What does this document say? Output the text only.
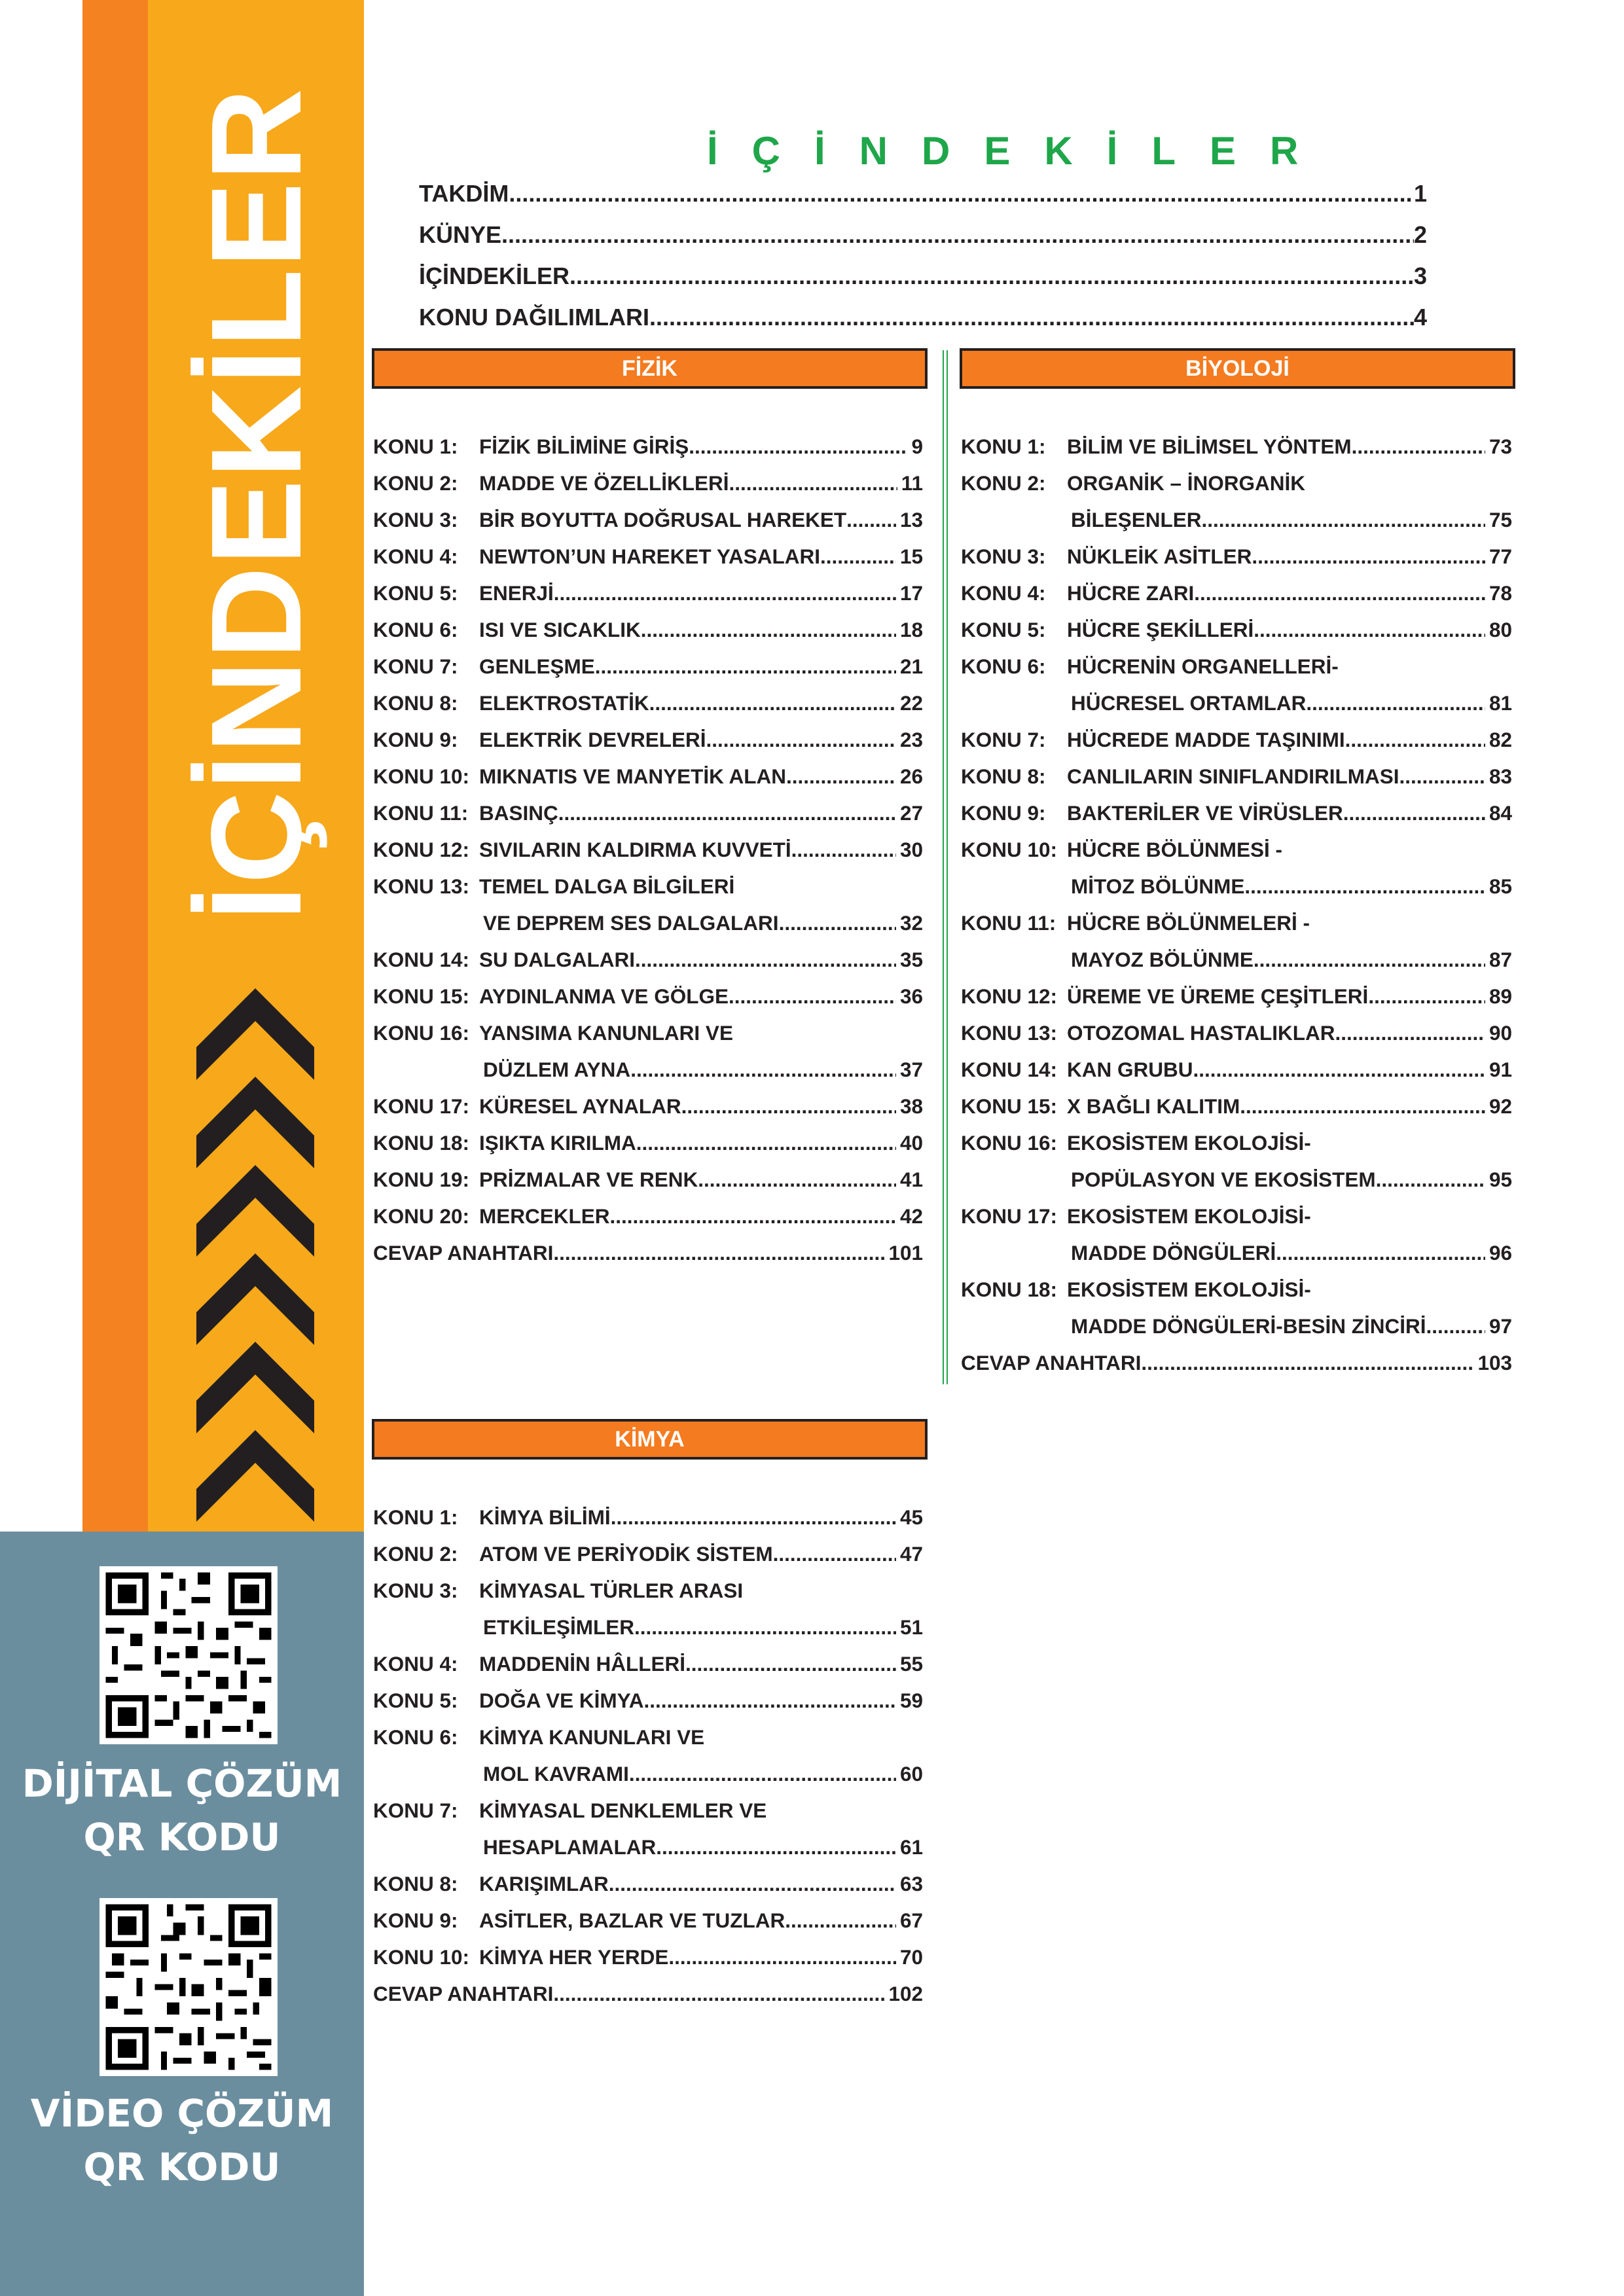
İÇİNDEKİLER
DİJİTAL ÇÖZÜM
QR KODU
VİDEO ÇÖZÜM
QR KODU
İÇİNDEKİLER
TAKDİM .....	1
KÜNYE .....	2
İÇİNDEKİLER .....	3
KONU DAĞILIMLARI .....	4
FİZİK	BİYOLOJİ
KİMYA
KONU 1:	FİZİK BİLİMİNE GİRİŞ .....	9
KONU 2:	MADDE VE ÖZELLİKLERİ .....	11
KONU 3:	BİR BOYUTTA DOĞRUSAL HAREKET .....	13
KONU 4:	NEWTON’UN HAREKET YASALARI .....	15
KONU 5:	ENERJİ .....	17
KONU 6:	ISI VE SICAKLIK .....	18
KONU 7:	GENLEŞME .....	21
KONU 8:	ELEKTROSTATİK .....	22
KONU 9:	ELEKTRİK DEVRELERİ .....	23
KONU 10: MIKNATIS VE MANYETİK ALAN .....	26
KONU 11: BASINÇ .....	27
KONU 12: SIVILARIN KALDIRMA KUVVETİ .....	30
KONU 13: TEMEL DALGA BİLGİLERİ
VE DEPREM SES DALGALARI .....	32
KONU 14: SU DALGALARI .....	35
KONU 15: AYDINLANMA VE GÖLGE .....	36
KONU 16: YANSIMA KANUNLARI VE
DÜZLEM AYNA .....	37
KONU 17: KÜRESEL AYNALAR .....	38
KONU 18: IŞIKTA KIRILMA .....	40
KONU 19: PRİZMALAR VE RENK .....	41
KONU 20: MERCEKLER .....	42
CEVAP ANAHTARI .....	101
KONU 1:	BİLİM VE BİLİMSEL YÖNTEM .....	73
KONU 2:	ORGANİK – İNORGANİK
BİLEŞENLER .....	75
KONU 3:	NÜKLEİK ASİTLER .....	77
KONU 4:	HÜCRE ZARI .....	78
KONU 5:	HÜCRE ŞEKİLLERİ .....	80
KONU 6:	HÜCRENİN ORGANELLERİ-
HÜCRESEL ORTAMLAR .....	81
KONU 7:	HÜCREDE MADDE TAŞINIMI .....	82
KONU 8:	CANLILARIN SINIFLANDIRILMASI .....	83
KONU 9:	BAKTERİLER VE VİRÜSLER .....	84
KONU 10: HÜCRE BÖLÜNMESİ -
MİTOZ BÖLÜNME .....	85
KONU 11: HÜCRE BÖLÜNMELERİ -
MAYOZ BÖLÜNME .....	87
KONU 12: ÜREME VE ÜREME ÇEŞİTLERİ .....	89
KONU 13: OTOZOMAL HASTALIKLAR .....	90
KONU 14: KAN GRUBU .....	91
KONU 15: X BAĞLI KALITIM .....	92
KONU 16: EKOSİSTEM EKOLOJİSİ-
POPÜLASYON VE EKOSİSTEM .....	95
KONU 17: EKOSİSTEM EKOLOJİSİ-
MADDE DÖNGÜLERİ .....	96
KONU 18: EKOSİSTEM EKOLOJİSİ-
MADDE DÖNGÜLERİ-BESİN ZİNCİRİ .....	97
CEVAP ANAHTARI .....	103
KONU 1:	KİMYA BİLİMİ .....	45
KONU 2:	ATOM VE PERİYODİK SİSTEM .....	47
KONU 3:	KİMYASAL TÜRLER ARASI
ETKİLEŞİMLER .....	51
KONU 4:	MADDENİN HÂLLERİ .....	55
KONU 5:	DOĞA VE KİMYA .....	59
KONU 6:	KİMYA KANUNLARI VE
MOL KAVRAMI .....	60
KONU 7:	KİMYASAL DENKLEMLER VE
HESAPLAMALAR .....	61
KONU 8:	KARIŞIMLAR .....	63
KONU 9:	ASİTLER, BAZLAR VE TUZLAR .....	67
KONU 10: KİMYA HER YERDE .....	70
CEVAP ANAHTARI .....	102
